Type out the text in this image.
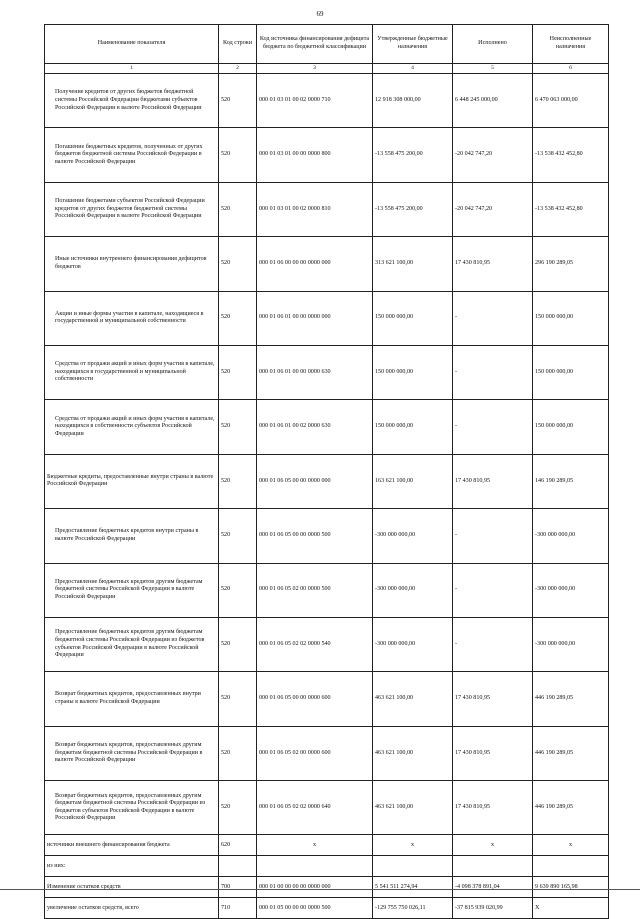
69
Наименование показателя	Код строки	Код источника финансирования дефицита бюджета по бюджетной классификации	Утвержденные бюджетные назначения	Исполнено	Неисполненные назначения
1	2	3	4	5	6
Получение кредитов от других бюджетов бюджетной системы Российской Федерации бюджетами субъектов Российской Федерации в валюте Российской Федерации	520	000 01 03 01 00 02 0000 710	12 918 308 000,00	6 448 245 000,00	6 470 063 000,00
Погашение бюджетных кредитов, полученных от других бюджетов бюджетной системы Российской Федерации в валюте Российской Федерации	520	000 01 03 01 00 00 0000 800	-13 558 475 200,00	-20 042 747,20	-13 538 432 452,80
Погашение бюджетами субъектов Российской Федерации кредитов от других бюджетов бюджетной системы Российской Федерации в валюте Российской Федерации	520	000 01 03 01 00 02 0000 810	-13 558 475 200,00	-20 042 747,20	-13 538 432 452,80
Иные источники внутреннего финансирования дефицитов бюджетов	520	000 01 06 00 00 00 0000 000	313 621 100,00	17 430 810,95	296 190 289,05
Акции и иные формы участия в капитале, находящиеся в государственной и муниципальной собственности	520	000 01 06 01 00 00 0000 000	150 000 000,00	-	150 000 000,00
Средства от продажи акций и иных форм участия в капитале, находящихся в государственной и муниципальной собственности	520	000 01 06 01 00 00 0000 630	150 000 000,00	-	150 000 000,00
Средства от продажи акций и иных форм участия в капитале, находящихся в собственности субъектов Российской Федерации	520	000 01 06 01 00 02 0000 630	150 000 000,00	-	150 000 000,00
Бюджетные кредиты, предоставленные внутри страны в валюте Российской Федерации	520	000 01 06 05 00 00 0000 000	163 621 100,00	17 430 810,95	146 190 289,05
Предоставление бюджетных кредитов внутри страны в валюте Российской Федерации	520	000 01 06 05 00 00 0000 500	-300 000 000,00	-	-300 000 000,00
Предоставление бюджетных кредитов другим бюджетам бюджетной системы Российской Федерации в валюте Российской Федерации	520	000 01 06 05 02 00 0000 500	-300 000 000,00	-	-300 000 000,00
Предоставление бюджетных кредитов другим бюджетам бюджетной системы Российской Федерации из бюджетов субъектов Российской Федерации в валюте Российской Федерации	520	000 01 06 05 02 02 0000 540	-300 000 000,00	-	-300 000 000,00
Возврат бюджетных кредитов, предоставленных внутри страны в валюте Российской Федерации	520	000 01 06 05 00 00 0000 600	463 621 100,00	17 430 810,95	446 190 289,05
Возврат бюджетных кредитов, предоставленных другим бюджетам бюджетной системы Российской Федерации в валюте Российской Федерации	520	000 01 06 05 02 00 0000 600	463 621 100,00	17 430 810,95	446 190 289,05
Возврат бюджетных кредитов, предоставленных другим бюджетам бюджетной системы Российской Федерации из бюджетов субъектов Российской Федерации в валюте Российской Федерации	520	000 01 06 05 02 02 0000 640	463 621 100,00	17 430 810,95	446 190 289,05
источники внешнего финансирования бюджета	620	x	x	x	x
из них:					
Изменение остатков средств	700	000 01 00 00 00 00 0000 000	5 541 511 274,94	-4 098 378 891,04	9 639 890 165,98
увеличение остатков средств, всего	710	000 01 05 00 00 00 0000 500	-129 755 750 026,11	-37 815 939 020,99	X
